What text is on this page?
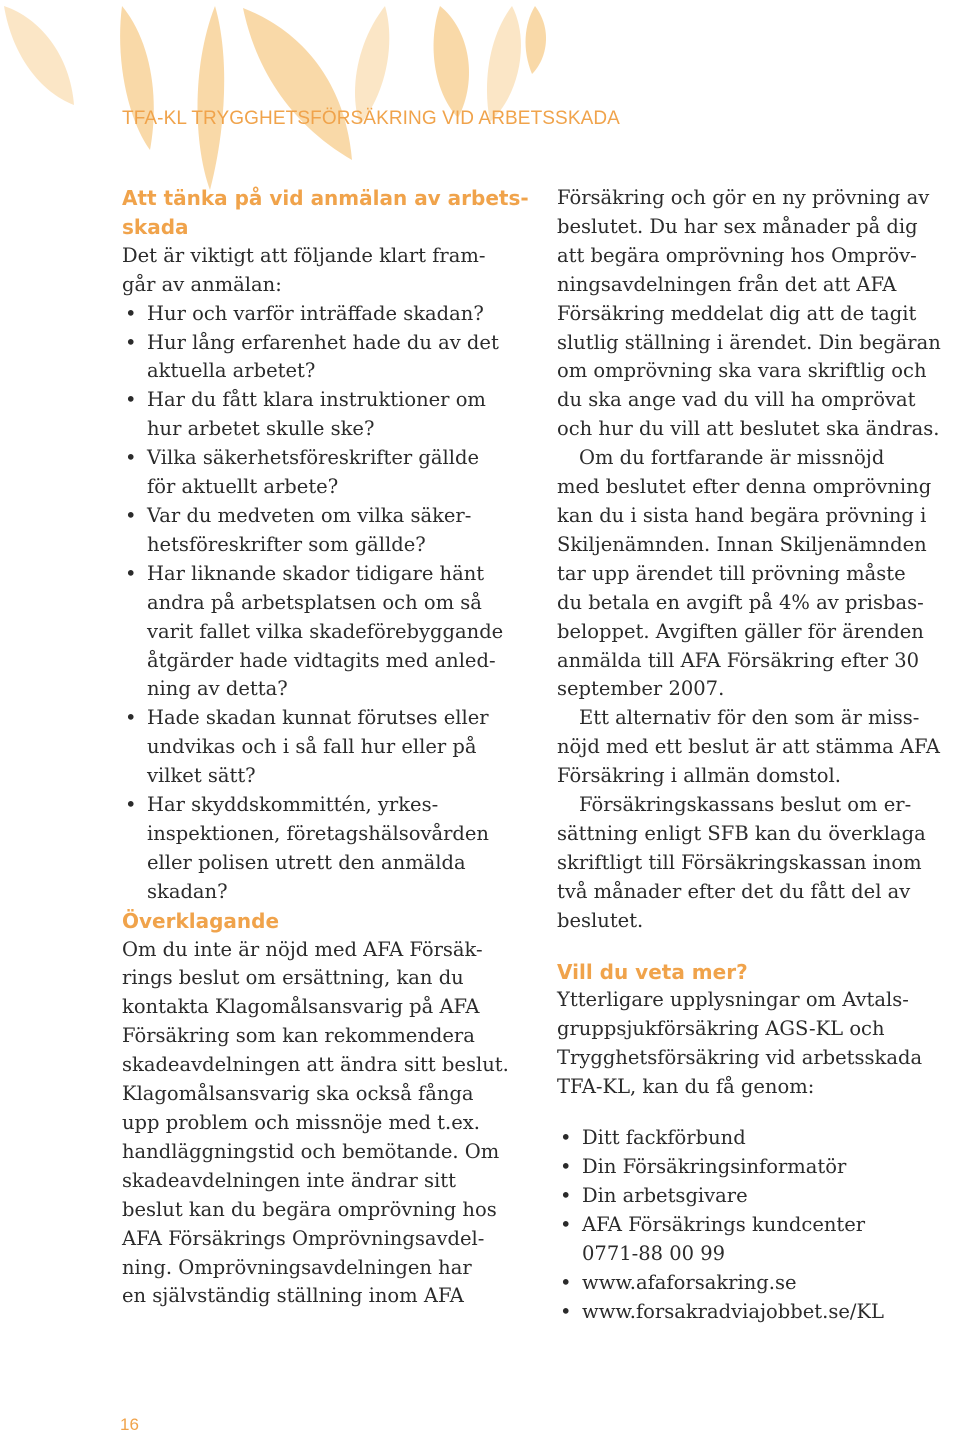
TFA-KL TRYGGHETSFÖRSÄKRING VID ARBETSSKADA
Att tänka på vid anmälan av arbets-
skada
Det är viktigt att följande klart fram-
går av anmälan:
• Hur och varför inträffade skadan?
• Hur lång erfarenhet hade du av det
aktuella arbetet?
• Har du fått klara instruktioner om
hur arbetet skulle ske?
• Vilka säkerhetsföreskrifter gällde
för aktuellt arbete?
• Var du medveten om vilka säker-
hetsföreskrifter som gällde?
• Har liknande skador tidigare hänt
andra på arbetsplatsen och om så
varit fallet vilka skadeförebyggande
åtgärder hade vidtagits med anled-
ning av detta?
• Hade skadan kunnat förutses eller
undvikas och i så fall hur eller på
vilket sätt?
• Har skyddskommittén, yrkes-
inspektionen, företagshälsovården
eller polisen utrett den anmälda
skadan?
Överklagande
Om du inte är nöjd med AFA Försäk-
rings beslut om ersättning, kan du
kontakta Klagomålsansvarig på AFA
Försäkring som kan rekommendera
skadeavdelningen att ändra sitt beslut.
Klagomålsansvarig ska också fånga
upp problem och missnöje med t.ex.
handläggningstid och bemötande. Om
skadeavdelningen inte ändrar sitt
beslut kan du begära omprövning hos
AFA Försäkrings Omprövningsavdel-
ning. Omprövningsavdelningen har
en självständig ställning inom AFA
Försäkring och gör en ny prövning av
beslutet. Du har sex månader på dig
att begära omprövning hos Ompröv-
ningsavdelningen från det att AFA
Försäkring meddelat dig att de tagit
slutlig ställning i ärendet. Din begäran
om omprövning ska vara skriftlig och
du ska ange vad du vill ha omprövat
och hur du vill att beslutet ska ändras.
Om du fortfarande är missnöjd
med beslutet efter denna omprövning
kan du i sista hand begära prövning i
Skiljenämnden. Innan Skiljenämnden
tar upp ärendet till prövning måste
du betala en avgift på 4% av prisbas-
beloppet. Avgiften gäller för ärenden
anmälda till AFA Försäkring efter 30
september 2007.
Ett alternativ för den som är miss-
nöjd med ett beslut är att stämma AFA
Försäkring i allmän domstol.
Försäkringskassans beslut om er-
sättning enligt SFB kan du överklaga
skriftligt till Försäkringskassan inom
två månader efter det du fått del av
beslutet.
Vill du veta mer?
Ytterligare upplysningar om Avtals-
gruppsjukförsäkring AGS-KL och
Trygghetsförsäkring vid arbetsskada
TFA-KL, kan du få genom:
• Ditt fackförbund
• Din Försäkringsinformatör
• Din arbetsgivare
• AFA Försäkrings kundcenter
0771-88 00 99
• www.afaforsakring.se
• www.forsakradviajobbet.se/KL
16
